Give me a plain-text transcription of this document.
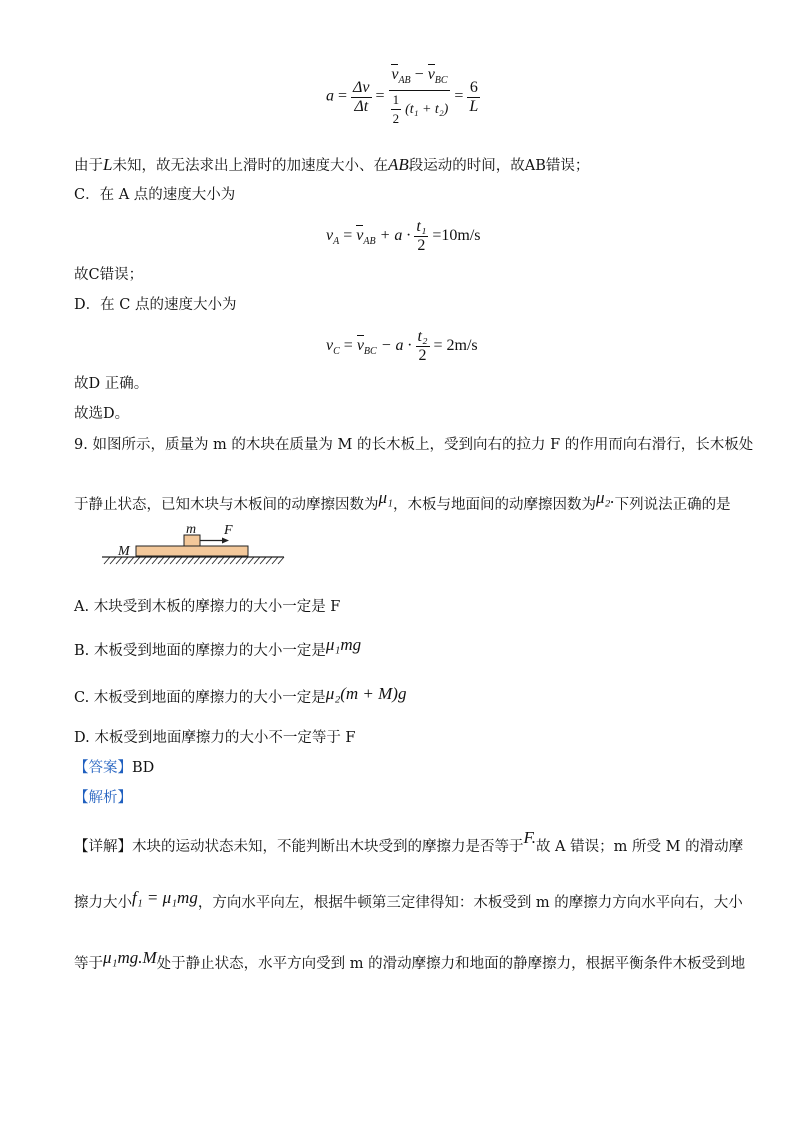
$a = \frac{\Delta v}{\Delta t} = \frac{v_{AB} - v_{BC}}{\frac{1}{2} (t_1 + t_2)} = \frac{6}{L}$
由于L未知，故无法求出上滑时的加速度大小、在AB段运动的时间，故AB错误；
C．在 A 点的速度大小为
$v_A = v_{AB} + a \cdot \frac{\text{t₁}}{2} =10m/s$
故C错误；
D．在 C 点的速度大小为
$v_C = v_{BC} - a \cdot \frac{\text{t₂}}{2} = 2m/s$
故D 正确。
故选D。
9. 如图所示，质量为 m 的木块在质量为 M 的长木板上，受到向右的拉力 F 的作用而向右滑行，长木板处
于静止状态，已知木块与木板间的动摩擦因数为μ₁，木板与地面间的动摩擦因数为μ₂.下列说法正确的是
m F
M
A. 木块受到木板的摩擦力的大小一定是 F
B. 木板受到地面的摩擦力的大小一定是μ₁mg
C. 木板受到地面的摩擦力的大小一定是μ₂(m + M)g
D. 木板受到地面摩擦力的大小不一定等于 F
【答案】BD
【解析】
【详解】木块的运动状态未知，不能判断出木块受到的摩擦力是否等于F.故 A 错误；m 所受 M 的滑动摩
擦力大小f₁ = μ₁mg，方向水平向左，根据牛顿第三定律得知：木板受到 m 的摩擦力方向水平向右，大小
等于μ₁mg.M处于静止状态，水平方向受到 m 的滑动摩擦力和地面的静摩擦力，根据平衡条件木板受到地
